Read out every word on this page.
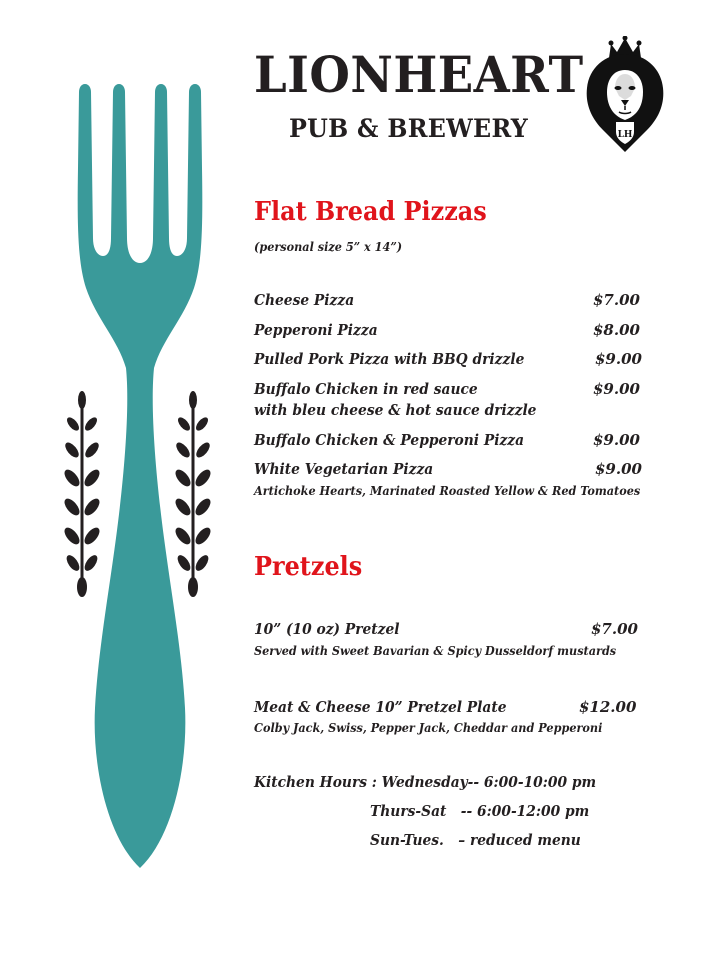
LIONHEART
PUB & BREWERY	LH
Flat Bread Pizzas
(personal size 5” x 14”)
Cheese Pizza	$7.00
Pepperoni Pizza	$8.00
Pulled Pork Pizza with BBQ drizzle	$9.00
Buffalo Chicken in red sauce	$9.00
with bleu cheese & hot sauce drizzle
Buffalo Chicken & Pepperoni Pizza	$9.00
White Vegetarian Pizza	$9.00
Artichoke Hearts, Marinated Roasted Yellow & Red Tomatoes
Pretzels
10” (10 oz) Pretzel	$7.00
Served with Sweet Bavarian & Spicy Dusseldorf mustards
Meat & Cheese 10” Pretzel Plate	$12.00
Colby Jack, Swiss, Pepper Jack, Cheddar and Pepperoni
Kitchen Hours : Wednesday-- 6:00-10:00 pm
Thurs-Sat   -- 6:00-12:00 pm
Sun-Tues.   – reduced menu
